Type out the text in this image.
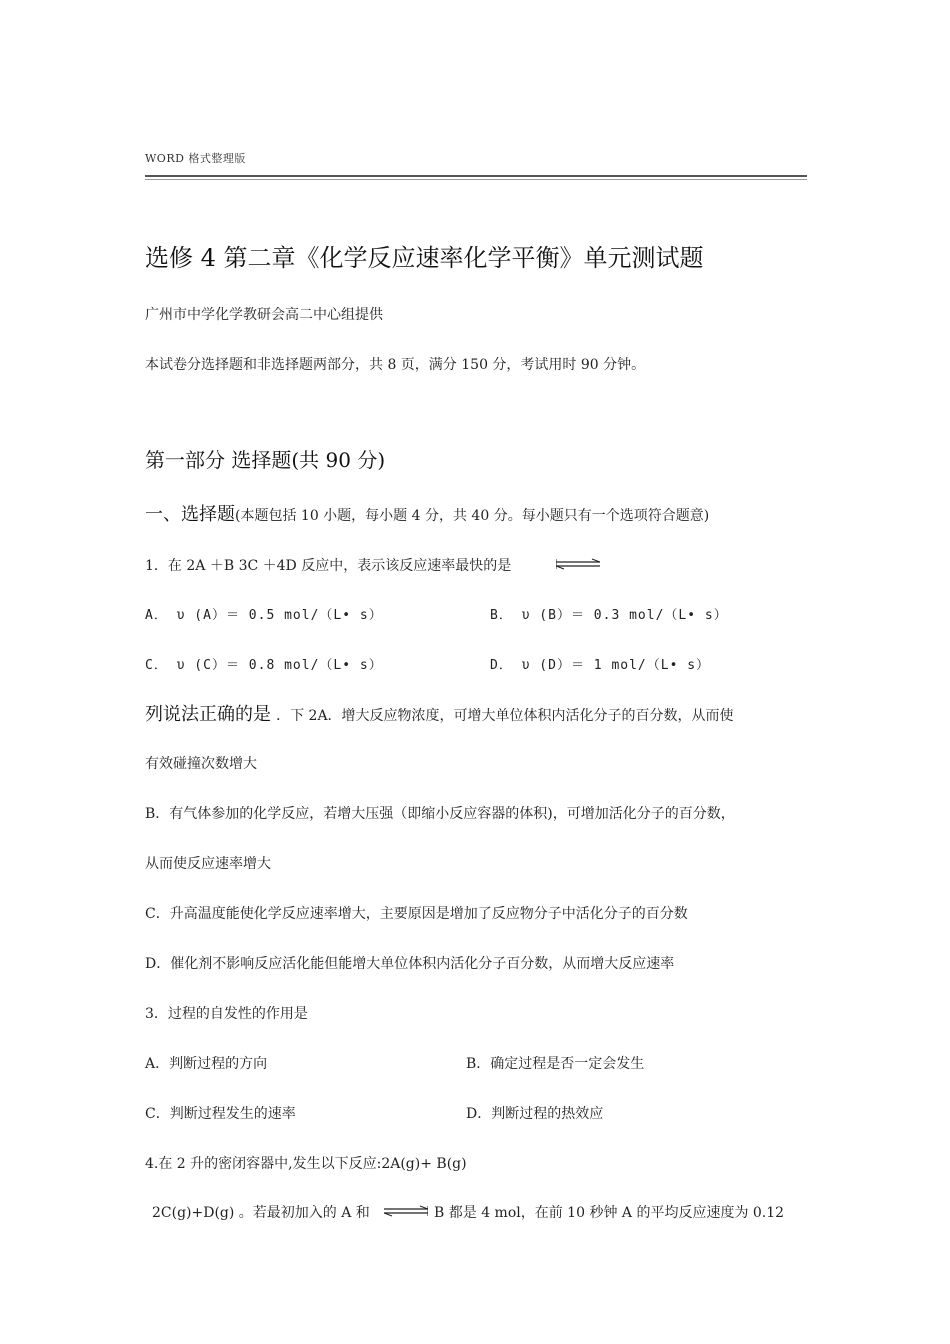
WORD 格式整理版
选修 4 第二章《化学反应速率化学平衡》单元测试题
广州市中学化学教研会高二中心组提供
本试卷分选择题和非选择题两部分，共 8 页，满分 150 分，考试用时 90 分钟。
第一部分 选择题(共 90 分)
一、选择题(本题包括 10 小题，每小题 4 分，共 40 分。每小题只有一个选项符合题意)
1．在 2A ＋B 3C ＋4D 反应中，表示该反应速率最快的是
A． υ (A）＝ 0.5 mol/（L• s）	B． υ (B）＝ 0.3 mol/（L• s）
C． υ (C）＝ 0.8 mol/（L• s）	D． υ (D）＝ 1 mol/（L• s）
列说法正确的是 ．下 2A．增大反应物浓度，可增大单位体积内活化分子的百分数，从而使
有效碰撞次数增大
B．有气体参加的化学反应，若增大压强（即缩小反应容器的体积)，可增加活化分子的百分数，
从而使反应速率增大
C．升高温度能使化学反应速率增大，主要原因是增加了反应物分子中活化分子的百分数
D．催化剂不影响反应活化能但能增大单位体积内活化分子百分数，从而增大反应速率
3．过程的自发性的作用是
A．判断过程的方向	B．确定过程是否一定会发生
C．判断过程发生的速率	D．判断过程的热效应
4.在 2 升的密闭容器中,发生以下反应:2A(g)+ B(g)
2C(g)+D(g) 。若最初加入的 A 和 ⇌ B 都是 4 mol，在前 10 秒钟 A 的平均反应速度为 0.12
